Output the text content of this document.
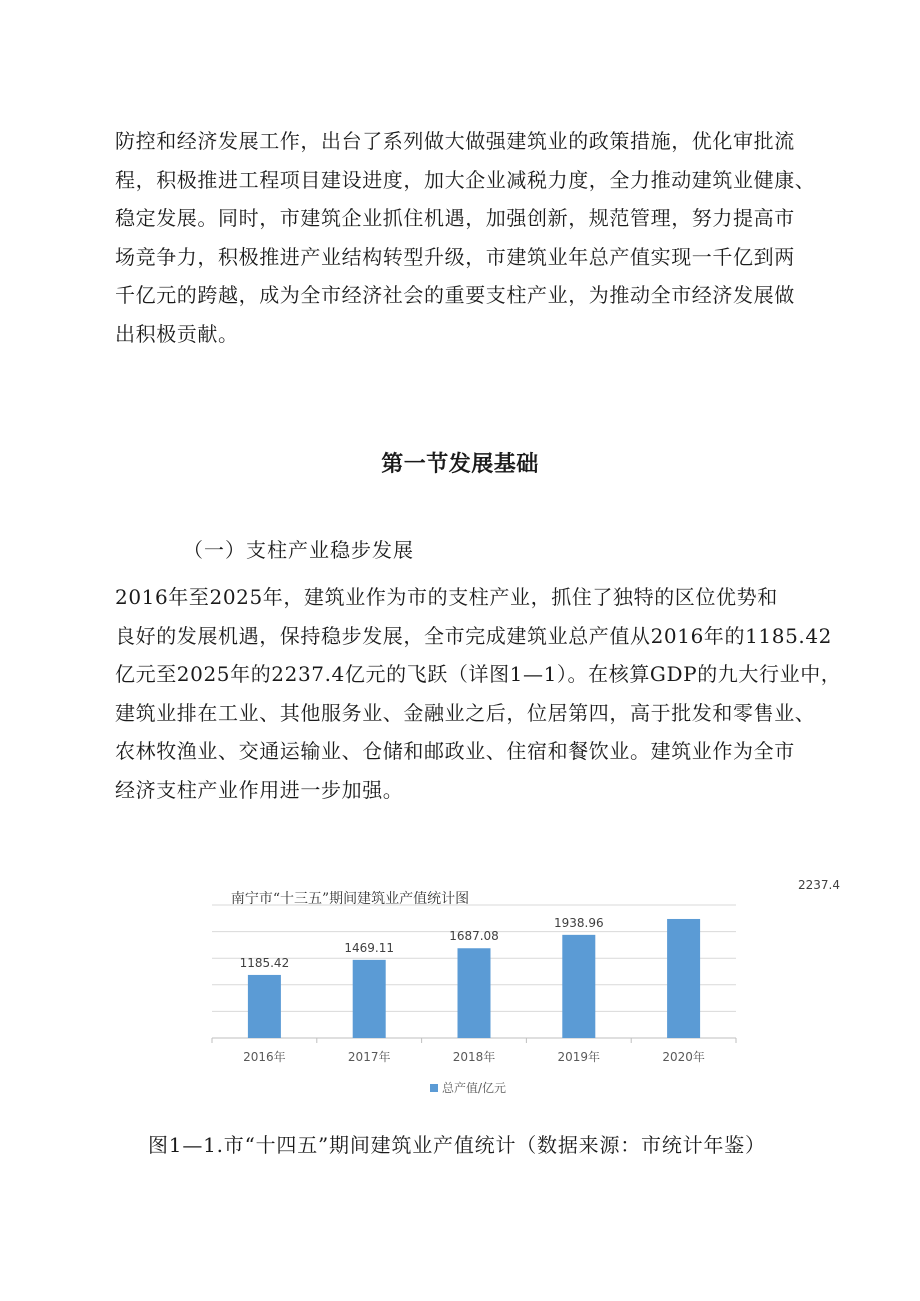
防控和经济发展工作，出台了系列做大做强建筑业的政策措施，优化审批流
程，积极推进工程项目建设进度，加大企业减税力度，全力推动建筑业健康、
稳定发展。同时，市建筑企业抓住机遇，加强创新，规范管理，努力提高市
场竞争力，积极推进产业结构转型升级，市建筑业年总产值实现一千亿到两
千亿元的跨越，成为全市经济社会的重要支柱产业，为推动全市经济发展做
出积极贡献。
第一节发展基础

（一）支柱产业稳步发展

2016年至2025年，建筑业作为市的支柱产业，抓住了独特的区位优势和
良好的发展机遇，保持稳步发展，全市完成建筑业总产值从2016年的1185.42
亿元至2025年的2237.4亿元的飞跃（详图1—1）。在核算GDP的九大行业中，
建筑业排在工业、其他服务业、金融业之后，位居第四，高于批发和零售业、
农林牧渔业、交通运输业、仓储和邮政业、住宿和餐饮业。建筑业作为全市
经济支柱产业作用进一步加强。
南宁市“十三五”期间建筑业产值统计图
1185.42
2016年
1469.11
2017年
1687.08
2018年
1938.96
2019年
2237.4
2020年
总产值/亿元

图1—1.市“十四五”期间建筑业产值统计（数据来源：市统计年鉴）
